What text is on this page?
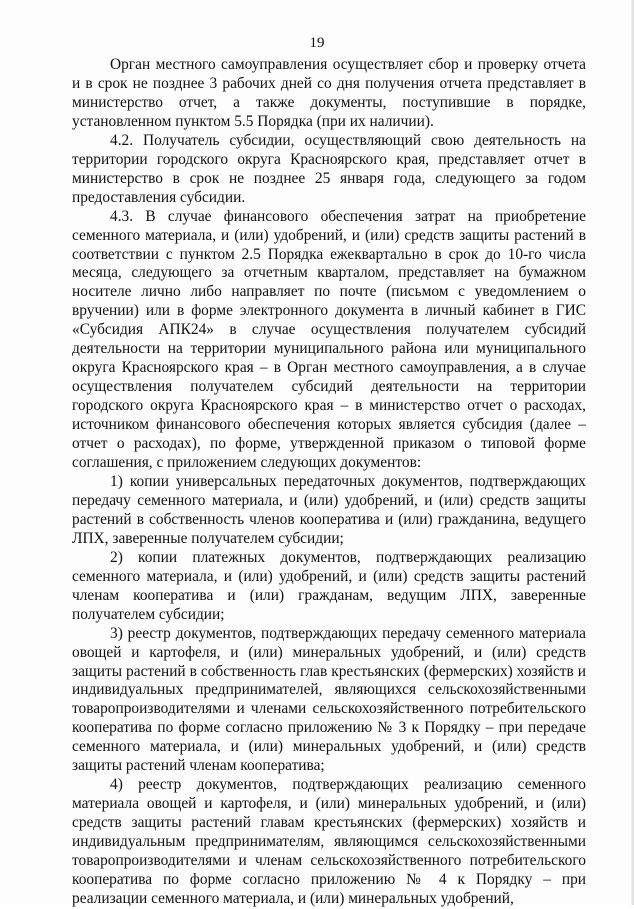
19

Орган местного самоуправления осуществляет сбор и проверку отчета и в срок не позднее 3 рабочих дней со дня получения отчета представляет в министерство отчет, а также документы, поступившие в порядке, установленном пунктом 5.5 Порядка (при их наличии).

4.2. Получатель субсидии, осуществляющий свою деятельность на территории городского округа Красноярского края, представляет отчет в министерство в срок не позднее 25 января года, следующего за годом предоставления субсидии.

4.3. В случае финансового обеспечения затрат на приобретение семенного материала, и (или) удобрений, и (или) средств защиты растений в соответствии с пунктом 2.5 Порядка ежеквартально в срок до 10-го числа месяца, следующего за отчетным кварталом, представляет на бумажном носителе лично либо направляет по почте (письмом с уведомлением о вручении) или в форме электронного документа в личный кабинет в ГИС «Субсидия АПК24» в случае осуществления получателем субсидий деятельности на территории муниципального района или муниципального округа Красноярского края – в Орган местного самоуправления, а в случае осуществления получателем субсидий деятельности на территории городского округа Красноярского края – в министерство отчет о расходах, источником финансового обеспечения которых является субсидия (далее – отчет о расходах), по форме, утвержденной приказом о типовой форме соглашения, с приложением следующих документов:

1) копии универсальных передаточных документов, подтверждающих передачу семенного материала, и (или) удобрений, и (или) средств защиты растений в собственность членов кооператива и (или) гражданина, ведущего ЛПХ, заверенные получателем субсидии;

2) копии платежных документов, подтверждающих реализацию семенного материала, и (или) удобрений, и (или) средств защиты растений членам кооператива и (или) гражданам, ведущим ЛПХ, заверенные получателем субсидии;

3) реестр документов, подтверждающих передачу семенного материала овощей и картофеля, и (или) минеральных удобрений, и (или) средств защиты растений в собственность глав крестьянских (фермерских) хозяйств и индивидуальных предпринимателей, являющихся сельскохозяйственными товаропроизводителями и членами сельскохозяйственного потребительского кооператива по форме согласно приложению № 3 к Порядку – при передаче семенного материала, и (или) минеральных удобрений, и (или) средств защиты растений членам кооператива;

4) реестр документов, подтверждающих реализацию семенного материала овощей и картофеля, и (или) минеральных удобрений, и (или) средств защиты растений главам крестьянских (фермерских) хозяйств и индивидуальным предпринимателям, являющимся сельскохозяйственными товаропроизводителями и членам сельскохозяйственного потребительского кооператива по форме согласно приложению № 4 к Порядку – при реализации семенного материала, и (или) минеральных удобрений,
